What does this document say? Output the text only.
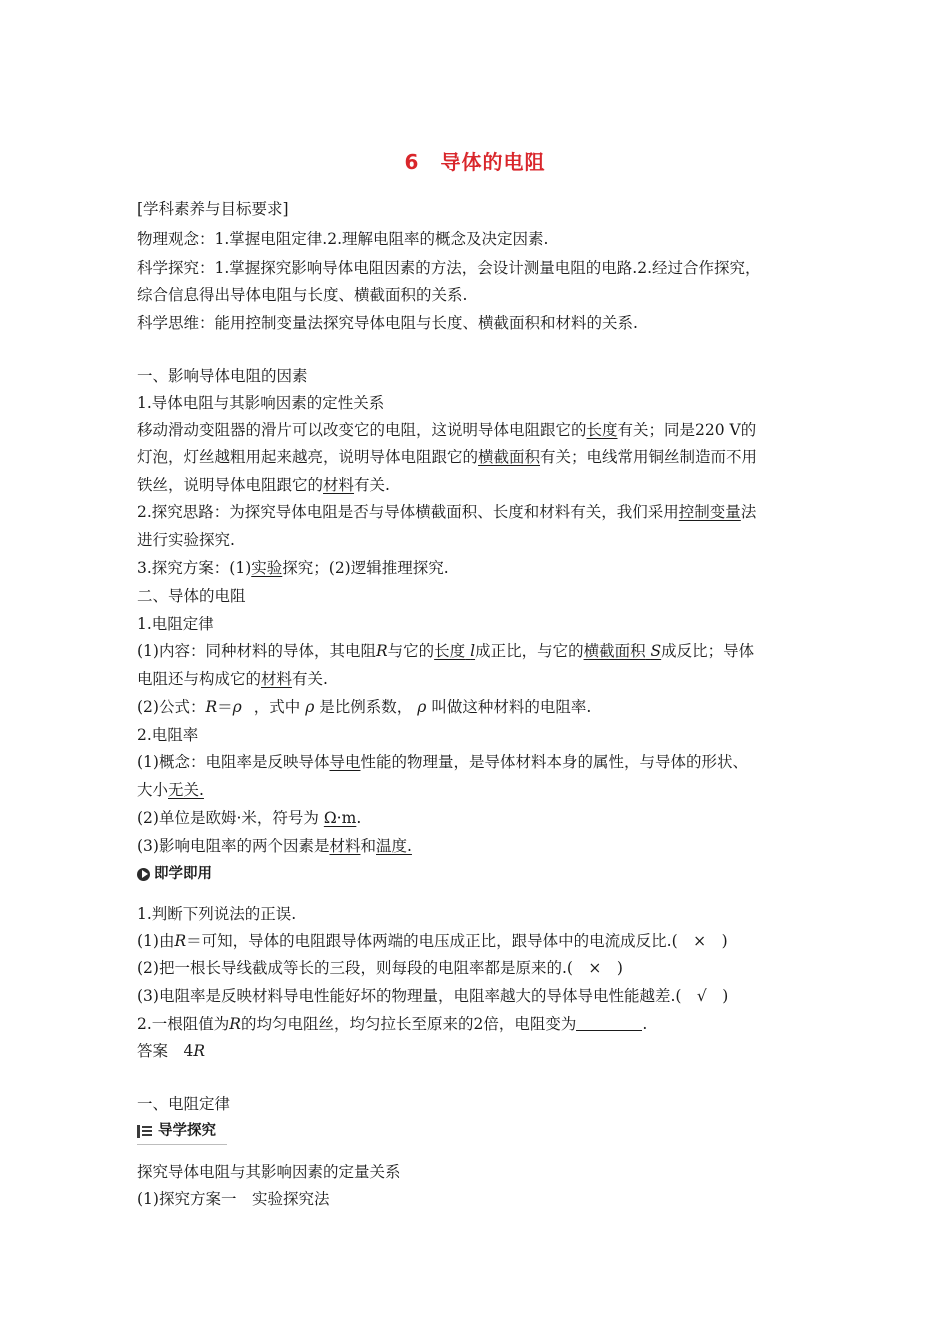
6　导体的电阻
[学科素养与目标要求]
物理观念：1.掌握电阻定律.2.理解电阻率的概念及决定因素.
科学探究：1.掌握探究影响导体电阻因素的方法，会设计测量电阻的电路.2.经过合作探究，
综合信息得出导体电阻与长度、横截面积的关系.
科学思维：能用控制变量法探究导体电阻与长度、横截面积和材料的关系.
一、影响导体电阻的因素
1.导体电阻与其影响因素的定性关系
移动滑动变阻器的滑片可以改变它的电阻，这说明导体电阻跟它的长度有关；同是220 V的
灯泡，灯丝越粗用起来越亮，说明导体电阻跟它的横截面积有关；电线常用铜丝制造而不用
铁丝，说明导体电阻跟它的材料有关.
2.探究思路：为探究导体电阻是否与导体横截面积、长度和材料有关，我们采用控制变量法
进行实验探究.
3.探究方案：(1)实验探究；(2)逻辑推理探究.
二、导体的电阻
1.电阻定律
(1)内容：同种材料的导体，其电阻R与它的长度 l成正比，与它的横截面积 S成反比；导体
电阻还与构成它的材料有关.
(2)公式：R＝ρ ，式中 ρ 是比例系数， ρ 叫做这种材料的电阻率.
2.电阻率
(1)概念：电阻率是反映导体导电性能的物理量，是导体材料本身的属性，与导体的形状、
大小无关.
(2)单位是欧姆·米，符号为 Ω·m.
(3)影响电阻率的两个因素是材料和温度.
即学即用
1.判断下列说法的正误.
(1)由R＝可知，导体的电阻跟导体两端的电压成正比，跟导体中的电流成反比.(　×　)
(2)把一根长导线截成等长的三段，则每段的电阻率都是原来的.(　×　)
(3)电阻率是反映材料导电性能好坏的物理量，电阻率越大的导体导电性能越差.(　√　)
2.一根阻值为R的均匀电阻丝，均匀拉长至原来的2倍，电阻变为	.
答案　 4R
一、电阻定律
导学探究
探究导体电阻与其影响因素的定量关系
(1)探究方案一　实验探究法
